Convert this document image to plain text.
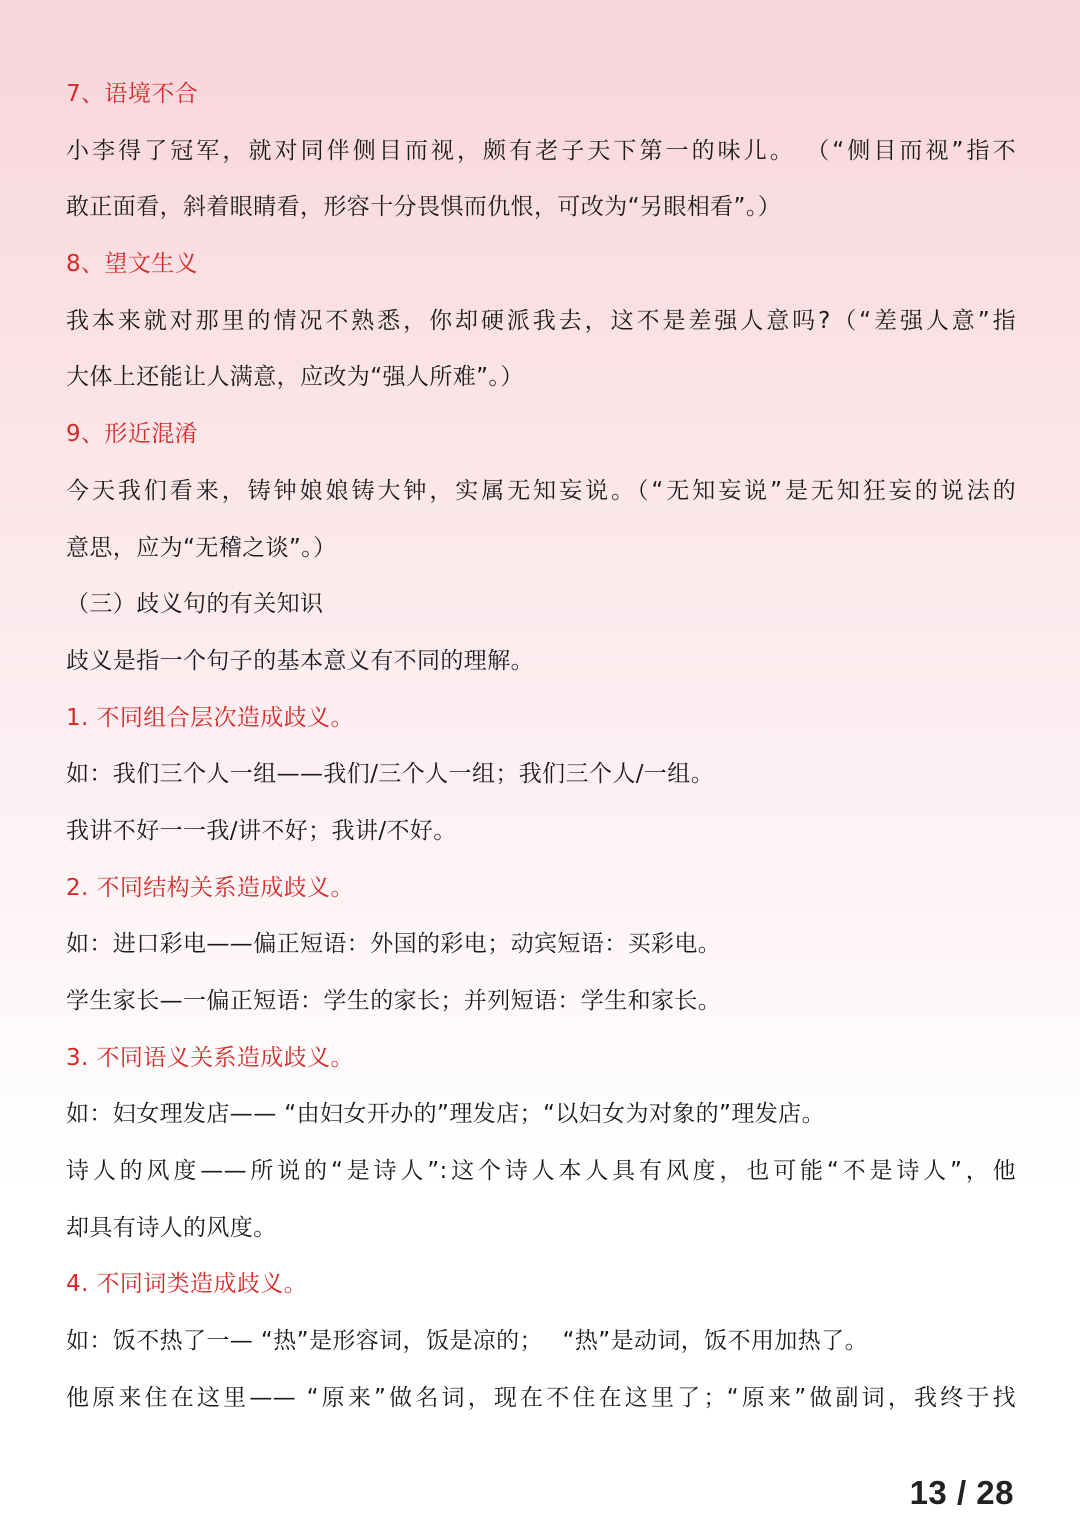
7、语境不合
小李得了冠军，就对同伴侧目而视，颇有老子天下第一的味儿。 （“侧目而视”指不
敢正面看，斜着眼睛看，形容十分畏惧而仇恨，可改为“另眼相看”。）
8、望文生义
我本来就对那里的情况不熟悉，你却硬派我去，这不是差强人意吗?（“差强人意”指
大体上还能让人满意，应改为“强人所难”。）
9、形近混淆
今天我们看来，铸钟娘娘铸大钟，实属无知妄说。（“无知妄说”是无知狂妄的说法的
意思，应为“无稽之谈”。）
（三）歧义句的有关知识
歧义是指一个句子的基本意义有不同的理解。
1. 不同组合层次造成歧义。
如：我们三个人一组——我们/三个人一组；我们三个人/一组。
我讲不好一一我/讲不好；我讲/不好。
2. 不同结构关系造成歧义。
如：进口彩电——偏正短语：外国的彩电；动宾短语：买彩电。
学生家长—一偏正短语：学生的家长；并列短语：学生和家长。
3. 不同语义关系造成歧义。
如：妇女理发店—— “由妇女开办的”理发店；“以妇女为对象的”理发店。
诗人的风度——所说的“是诗人”:这个诗人本人具有风度，也可能“不是诗人”，他
却具有诗人的风度。
4. 不同词类造成歧义。
如：饭不热了一— “热”是形容词，饭是凉的；　 “热”是动词，饭不用加热了。
他原来住在这里—— “原来”做名词，现在不住在这里了；“原来”做副词，我终于找
13 / 28
